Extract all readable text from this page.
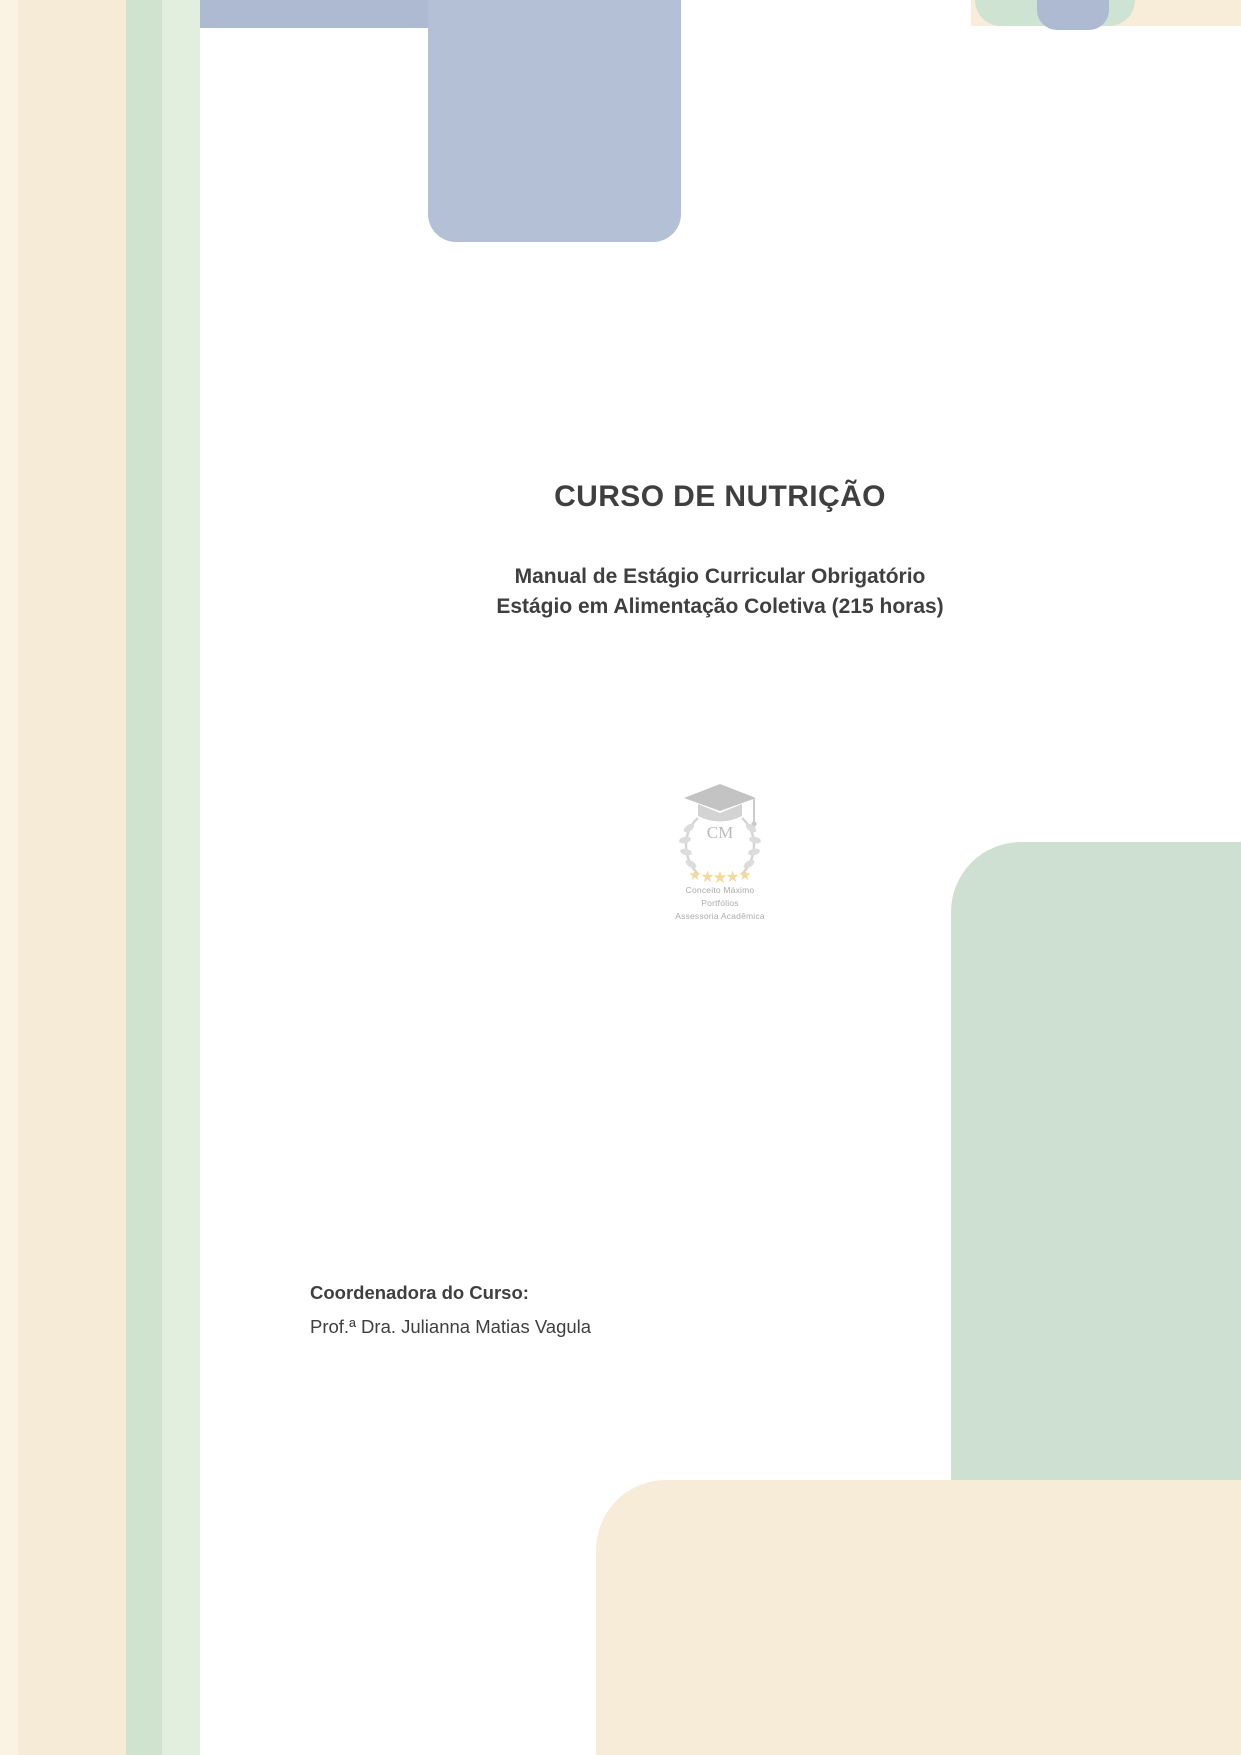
CURSO DE NUTRIÇÃO
Manual de Estágio Curricular Obrigatório
Estágio em Alimentação Coletiva (215 horas)
CM
★
★
★
★
★
Conceito Máximo
Portfólios
Assessoria Acadêmica

Coordenadora do Curso:

Prof.ª Dra. Julianna Matias Vagula
